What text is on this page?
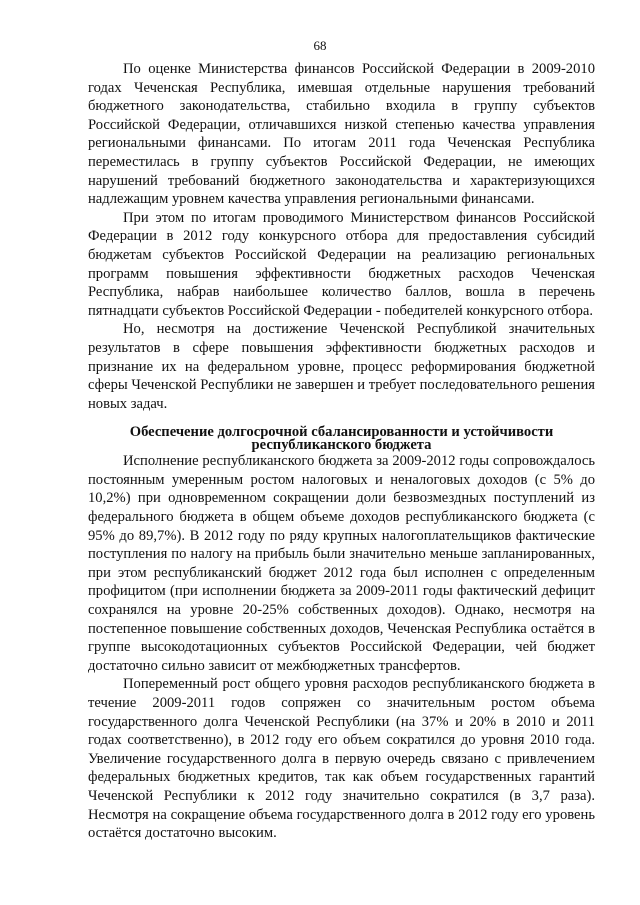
68

По оценке Министерства финансов Российской Федерации в 2009-2010 годах Чеченская Республика, имевшая отдельные нарушения требований бюджетного законодательства, стабильно входила в группу субъектов Российской Федерации, отличавшихся низкой степенью качества управления региональными финансами. По итогам 2011 года Чеченская Республика переместилась в группу субъектов Российской Федерации, не имеющих нарушений требований бюджетного законодательства и характеризующихся надлежащим уровнем качества управления региональными финансами.

При этом по итогам проводимого Министерством финансов Российской Федерации в 2012 году конкурсного отбора для предоставления субсидий бюджетам субъектов Российской Федерации на реализацию региональных программ повышения эффективности бюджетных расходов Чеченская Республика, набрав наибольшее количество баллов, вошла в перечень пятнадцати субъектов Российской Федерации - победителей конкурсного отбора.

Но, несмотря на достижение Чеченской Республикой значительных результатов в сфере повышения эффективности бюджетных расходов и признание их на федеральном уровне, процесс реформирования бюджетной сферы Чеченской Республики не завершен и требует последовательного решения новых задач.

Обеспечение долгосрочной сбалансированности и устойчивости
республиканского бюджета

Исполнение республиканского бюджета за 2009-2012 годы сопровождалось постоянным умеренным ростом налоговых и неналоговых доходов (с 5% до 10,2%) при одновременном сокращении доли безвозмездных поступлений из федерального бюджета в общем объеме доходов республиканского бюджета (с 95% до 89,7%). В 2012 году по ряду крупных налогоплательщиков фактические поступления по налогу на прибыль были значительно меньше запланированных, при этом республиканский бюджет 2012 года был исполнен с определенным профицитом (при исполнении бюджета за 2009-2011 годы фактический дефицит сохранялся на уровне 20-25% собственных доходов). Однако, несмотря на постепенное повышение собственных доходов, Чеченская Республика остаётся в группе высокодотационных субъектов Российской Федерации, чей бюджет достаточно сильно зависит от межбюджетных трансфертов.

Попеременный рост общего уровня расходов республиканского бюджета в течение 2009-2011 годов сопряжен со значительным ростом объема государственного долга Чеченской Республики (на 37% и 20% в 2010 и 2011 годах соответственно), в 2012 году его объем сократился до уровня 2010 года. Увеличение государственного долга в первую очередь связано с привлечением федеральных бюджетных кредитов, так как объем государственных гарантий Чеченской Республики к 2012 году значительно сократился (в 3,7 раза). Несмотря на сокращение объема государственного долга в 2012 году его уровень остаётся достаточно высоким.
